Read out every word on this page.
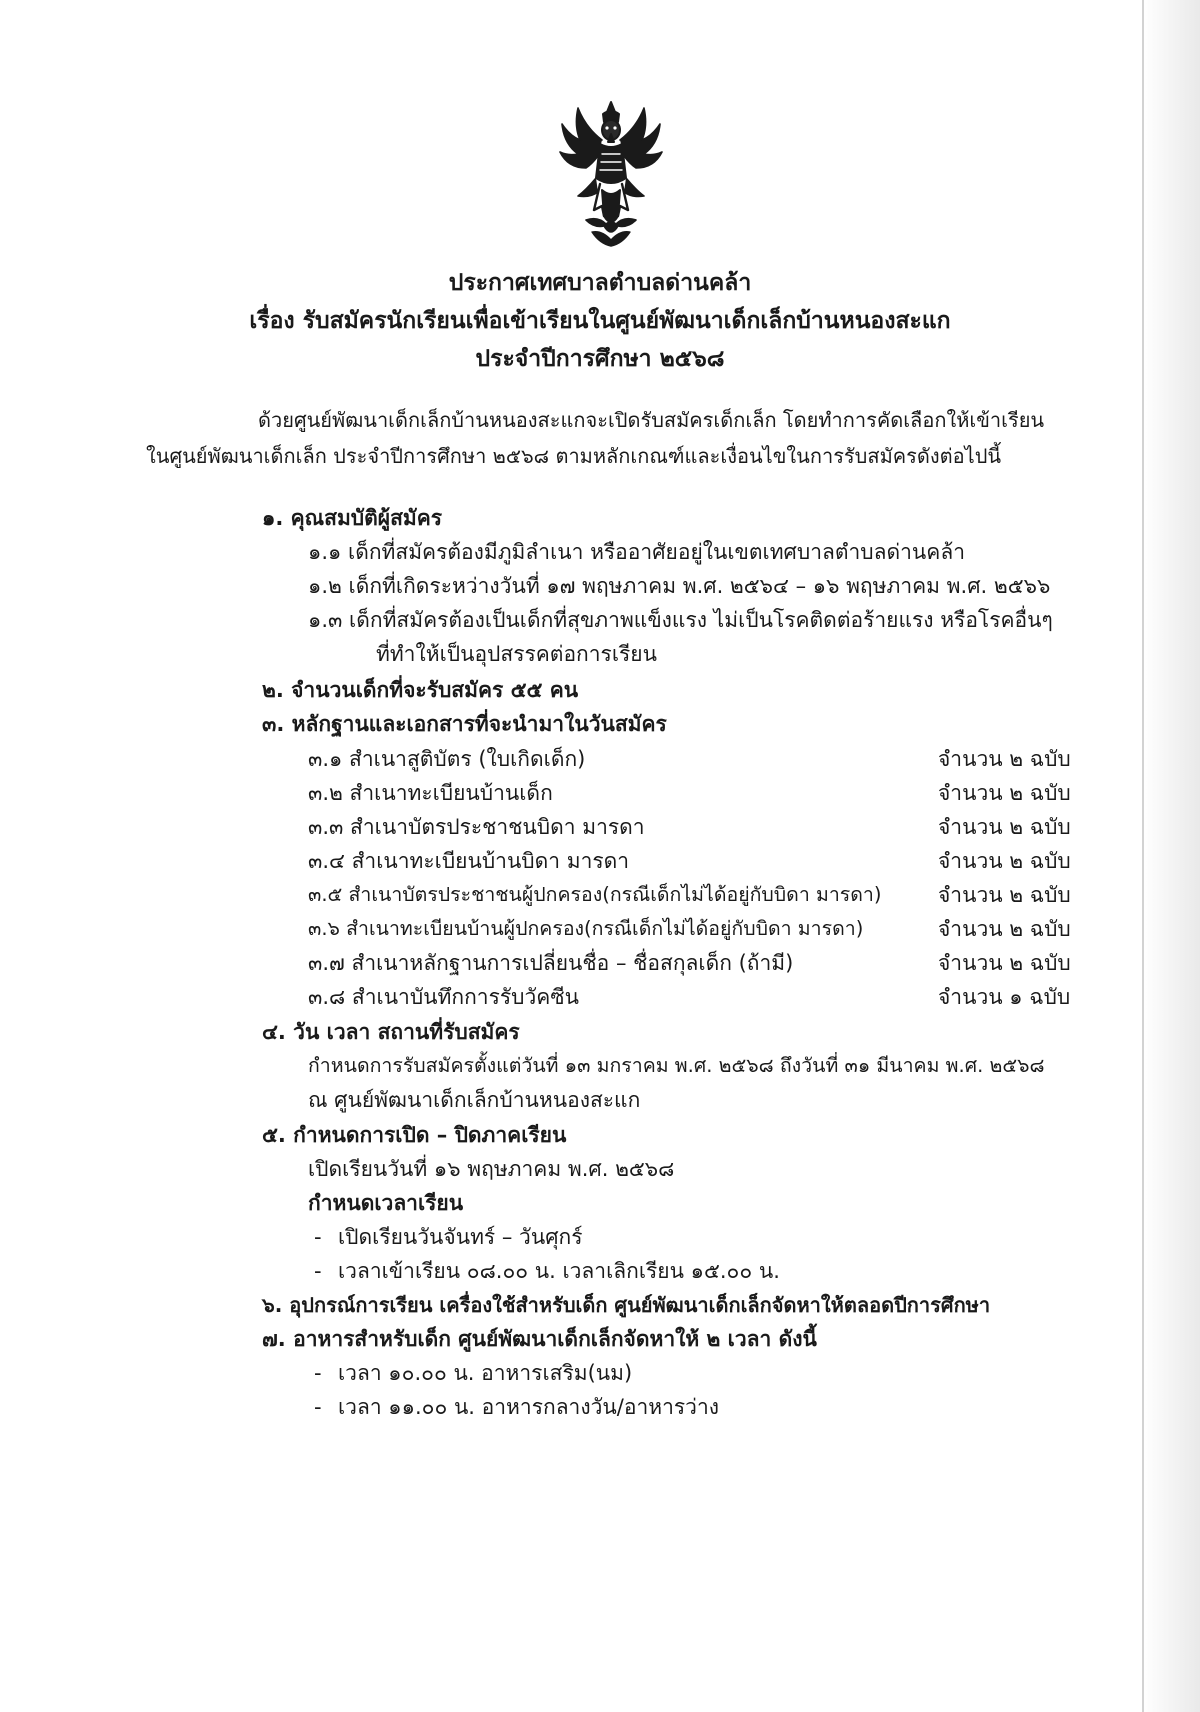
ประกาศเทศบาลตำบลด่านคล้า
เรื่อง รับสมัครนักเรียนเพื่อเข้าเรียนในศูนย์พัฒนาเด็กเล็กบ้านหนองสะแก
ประจำปีการศึกษา ๒๕๖๘
ด้วยศูนย์พัฒนาเด็กเล็กบ้านหนองสะแกจะเปิดรับสมัครเด็กเล็ก โดยทำการคัดเลือกให้เข้าเรียน
ในศูนย์พัฒนาเด็กเล็ก ประจำปีการศึกษา ๒๕๖๘ ตามหลักเกณฑ์และเงื่อนไขในการรับสมัครดังต่อไปนี้
๑. คุณสมบัติผู้สมัคร
๑.๑ เด็กที่สมัครต้องมีภูมิลำเนา หรืออาศัยอยู่ในเขตเทศบาลตำบลด่านคล้า
๑.๒ เด็กที่เกิดระหว่างวันที่ ๑๗ พฤษภาคม พ.ศ. ๒๕๖๔ – ๑๖ พฤษภาคม พ.ศ. ๒๕๖๖
๑.๓ เด็กที่สมัครต้องเป็นเด็กที่สุขภาพแข็งแรง ไม่เป็นโรคติดต่อร้ายแรง หรือโรคอื่นๆ
ที่ทำให้เป็นอุปสรรคต่อการเรียน
๒. จำนวนเด็กที่จะรับสมัคร ๕๕ คน
๓. หลักฐานและเอกสารที่จะนำมาในวันสมัคร
๓.๑ สำเนาสูติบัตร (ใบเกิดเด็ก)	จำนวน ๒ ฉบับ
๓.๒ สำเนาทะเบียนบ้านเด็ก	จำนวน ๒ ฉบับ
๓.๓ สำเนาบัตรประชาชนบิดา มารดา	จำนวน ๒ ฉบับ
๓.๔ สำเนาทะเบียนบ้านบิดา มารดา	จำนวน ๒ ฉบับ
๓.๕ สำเนาบัตรประชาชนผู้ปกครอง(กรณีเด็กไม่ได้อยู่กับบิดา มารดา)	จำนวน ๒ ฉบับ
๓.๖ สำเนาทะเบียนบ้านผู้ปกครอง(กรณีเด็กไม่ได้อยู่กับบิดา มารดา)	จำนวน ๒ ฉบับ
๓.๗ สำเนาหลักฐานการเปลี่ยนชื่อ – ชื่อสกุลเด็ก (ถ้ามี)	จำนวน ๒ ฉบับ
๓.๘ สำเนาบันทึกการรับวัคซีน	จำนวน ๑ ฉบับ
๔. วัน เวลา สถานที่รับสมัคร
กำหนดการรับสมัครตั้งแต่วันที่ ๑๓ มกราคม พ.ศ. ๒๕๖๘ ถึงวันที่ ๓๑ มีนาคม พ.ศ. ๒๕๖๘
ณ ศูนย์พัฒนาเด็กเล็กบ้านหนองสะแก
๕. กำหนดการเปิด – ปิดภาคเรียน
เปิดเรียนวันที่ ๑๖ พฤษภาคม พ.ศ. ๒๕๖๘
กำหนดเวลาเรียน
- เปิดเรียนวันจันทร์ – วันศุกร์
- เวลาเข้าเรียน ๐๘.๐๐ น. เวลาเลิกเรียน ๑๕.๐๐ น.
๖. อุปกรณ์การเรียน เครื่องใช้สำหรับเด็ก ศูนย์พัฒนาเด็กเล็กจัดหาให้ตลอดปีการศึกษา
๗. อาหารสำหรับเด็ก ศูนย์พัฒนาเด็กเล็กจัดหาให้ ๒ เวลา ดังนี้
- เวลา ๑๐.๐๐ น. อาหารเสริม(นม)
- เวลา ๑๑.๐๐ น. อาหารกลางวัน/อาหารว่าง
